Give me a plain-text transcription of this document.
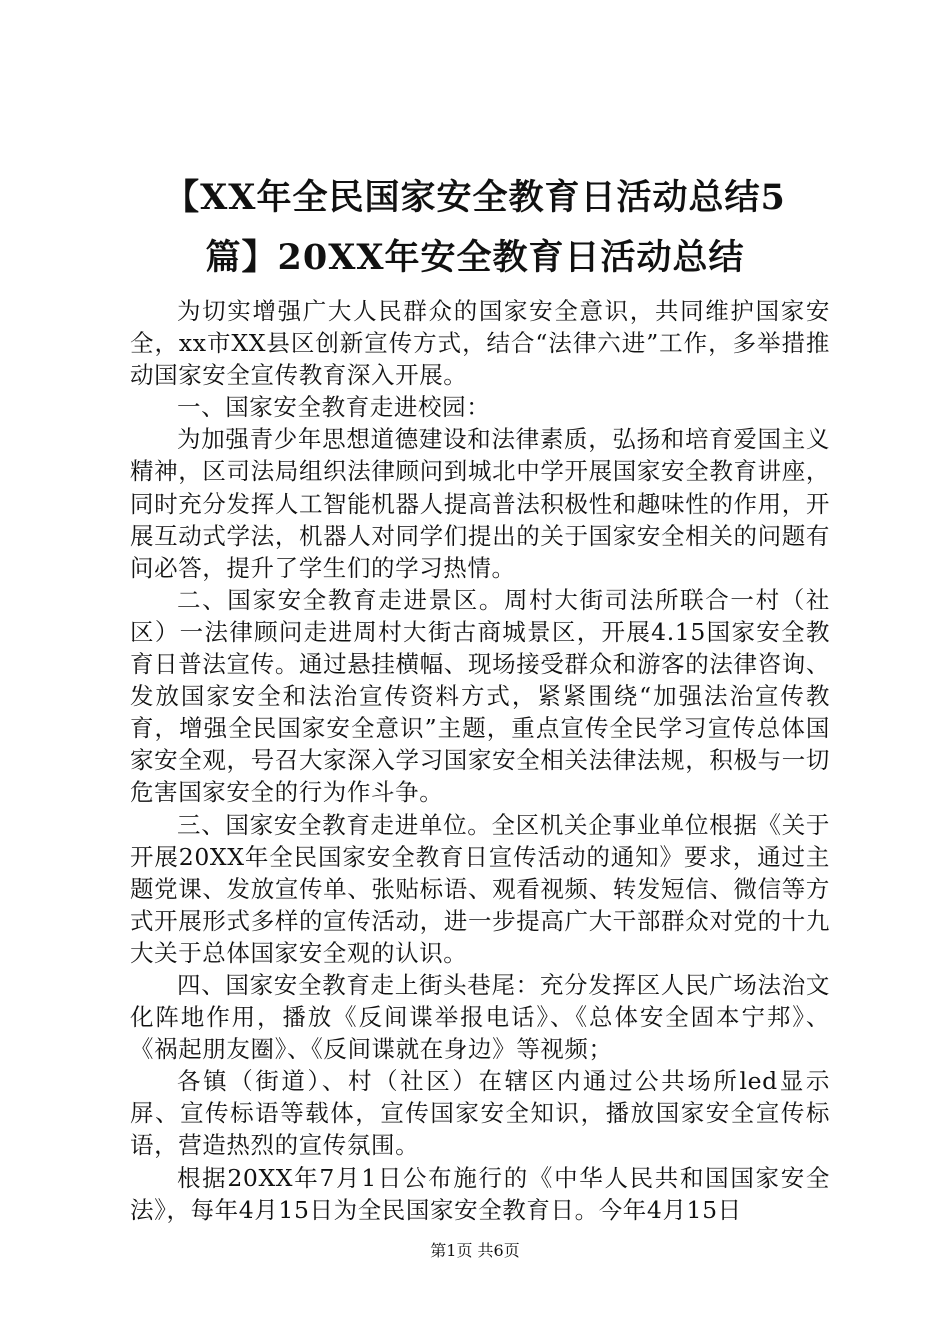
【XX年全民国家安全教育日活动总结5
篇】20XX年安全教育日活动总结

为切实增强广大人民群众的国家安全意识，共同维护国家安全，xx市XX县区创新宣传方式，结合“法律六进”工作，多举措推动国家安全宣传教育深入开展。

一、国家安全教育走进校园：

为加强青少年思想道德建设和法律素质，弘扬和培育爱国主义精神，区司法局组织法律顾问到城北中学开展国家安全教育讲座，同时充分发挥人工智能机器人提高普法积极性和趣味性的作用，开展互动式学法，机器人对同学们提出的关于国家安全相关的问题有问必答，提升了学生们的学习热情。

二、国家安全教育走进景区。周村大街司法所联合一村（社区）一法律顾问走进周村大街古商城景区，开展4.15国家安全教育日普法宣传。通过悬挂横幅、现场接受群众和游客的法律咨询、发放国家安全和法治宣传资料方式，紧紧围绕“加强法治宣传教育，增强全民国家安全意识”主题，重点宣传全民学习宣传总体国家安全观，号召大家深入学习国家安全相关法律法规，积极与一切危害国家安全的行为作斗争。

三、国家安全教育走进单位。全区机关企事业单位根据《关于开展20XX年全民国家安全教育日宣传活动的通知》要求，通过主题党课、发放宣传单、张贴标语、观看视频、转发短信、微信等方式开展形式多样的宣传活动，进一步提高广大干部群众对党的十九大关于总体国家安全观的认识。

四、国家安全教育走上街头巷尾：充分发挥区人民广场法治文化阵地作用，播放《反间谍举报电话》、《总体安全固本宁邦》、《祸起朋友圈》、《反间谍就在身边》等视频；

各镇（街道）、村（社区）在辖区内通过公共场所led显示屏、宣传标语等载体，宣传国家安全知识，播放国家安全宣传标语，营造热烈的宣传氛围。

根据20XX年7月1日公布施行的《中华人民共和国国家安全法》，每年4月15日为全民国家安全教育日。今年4月15日

第1页 共6页
